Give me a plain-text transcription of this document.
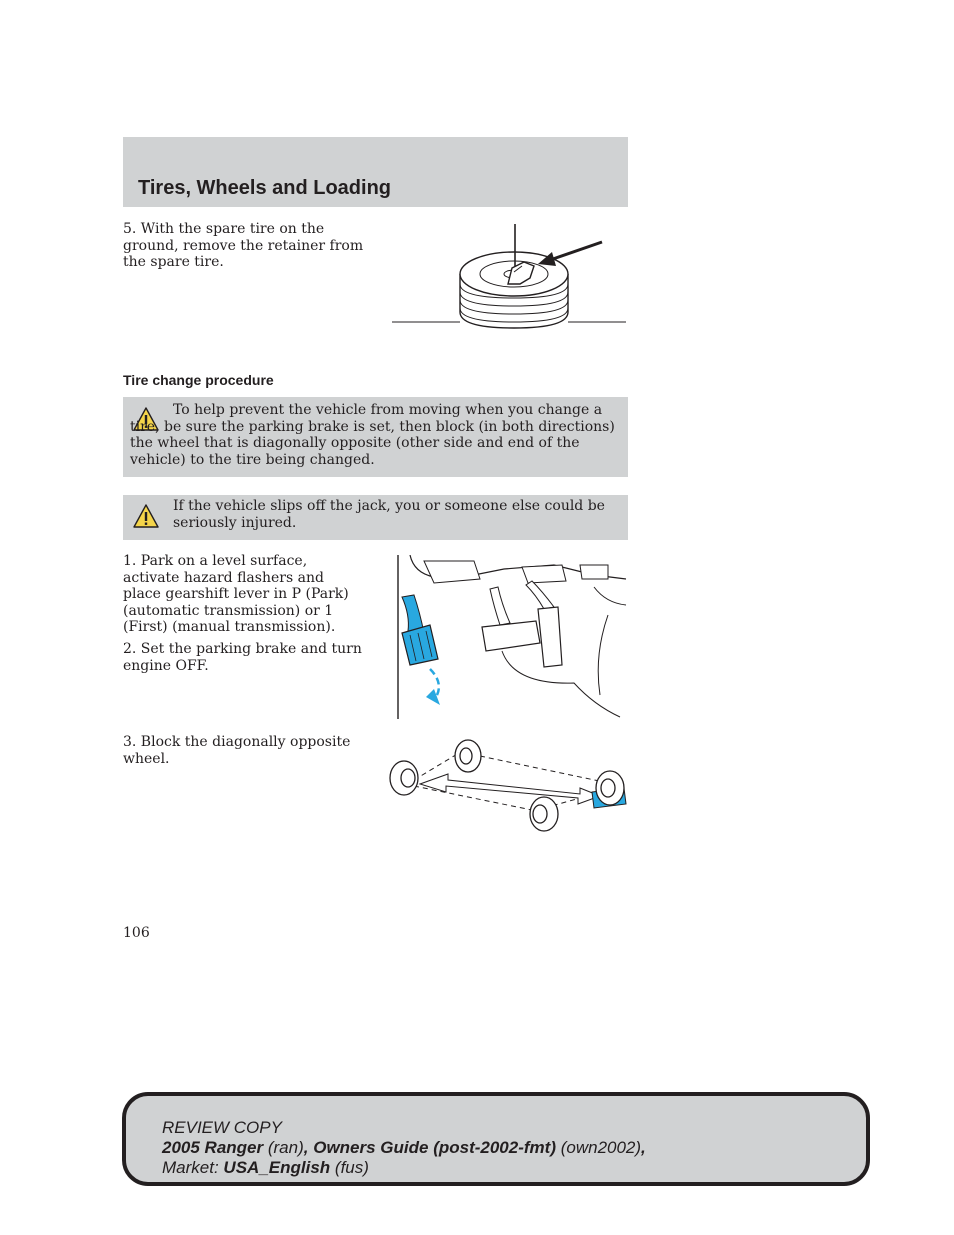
Tires, Wheels and Loading
5. With the spare tire on the ground, remove the retainer from the spare tire.
Tire change procedure
To help prevent the vehicle from moving when you change a tire, be sure the parking brake is set, then block (in both directions) the wheel that is diagonally opposite (other side and end of the vehicle) to the tire being changed.
If the vehicle slips off the jack, you or someone else could be seriously injured.
1. Park on a level surface, activate hazard flashers and place gearshift lever in P (Park) (automatic transmission) or 1 (First) (manual transmission).
2. Set the parking brake and turn engine OFF.
3. Block the diagonally opposite wheel.
106
REVIEW COPY
2005 Ranger (ran), Owners Guide (post-2002-fmt) (own2002),
Market: USA_English (fus)
